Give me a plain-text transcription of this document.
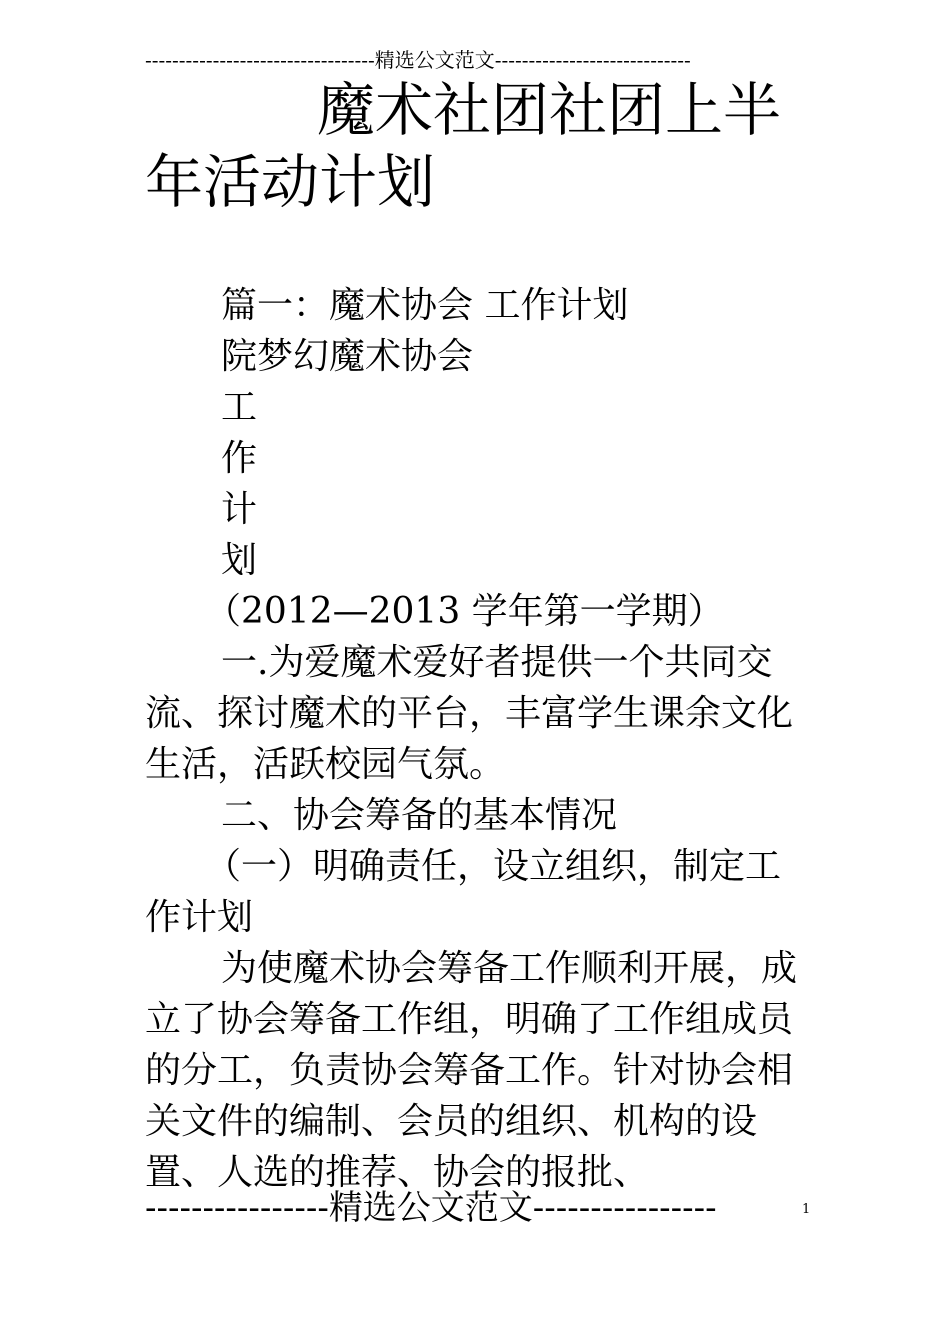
----------------------------------精选公文范文-----------------------------
魔术社团社团上半
年活动计划

篇一：魔术协会 工作计划

院梦幻魔术协会

工

作

计

划

（2012—2013 学年第一学期）

一.为爱魔术爱好者提供一个共同交流、探讨魔术的平台，丰富学生课余文化生活，活跃校园气氛。

二、协会筹备的基本情况

（一）明确责任，设立组织，制定工作计划

为使魔术协会筹备工作顺利开展，成立了协会筹备工作组，明确了工作组成员的分工，负责协会筹备工作。针对协会相关文件的编制、会员的组织、机构的设置、人选的推荐、协会的报批、

----------------精选公文范文----------------	1
